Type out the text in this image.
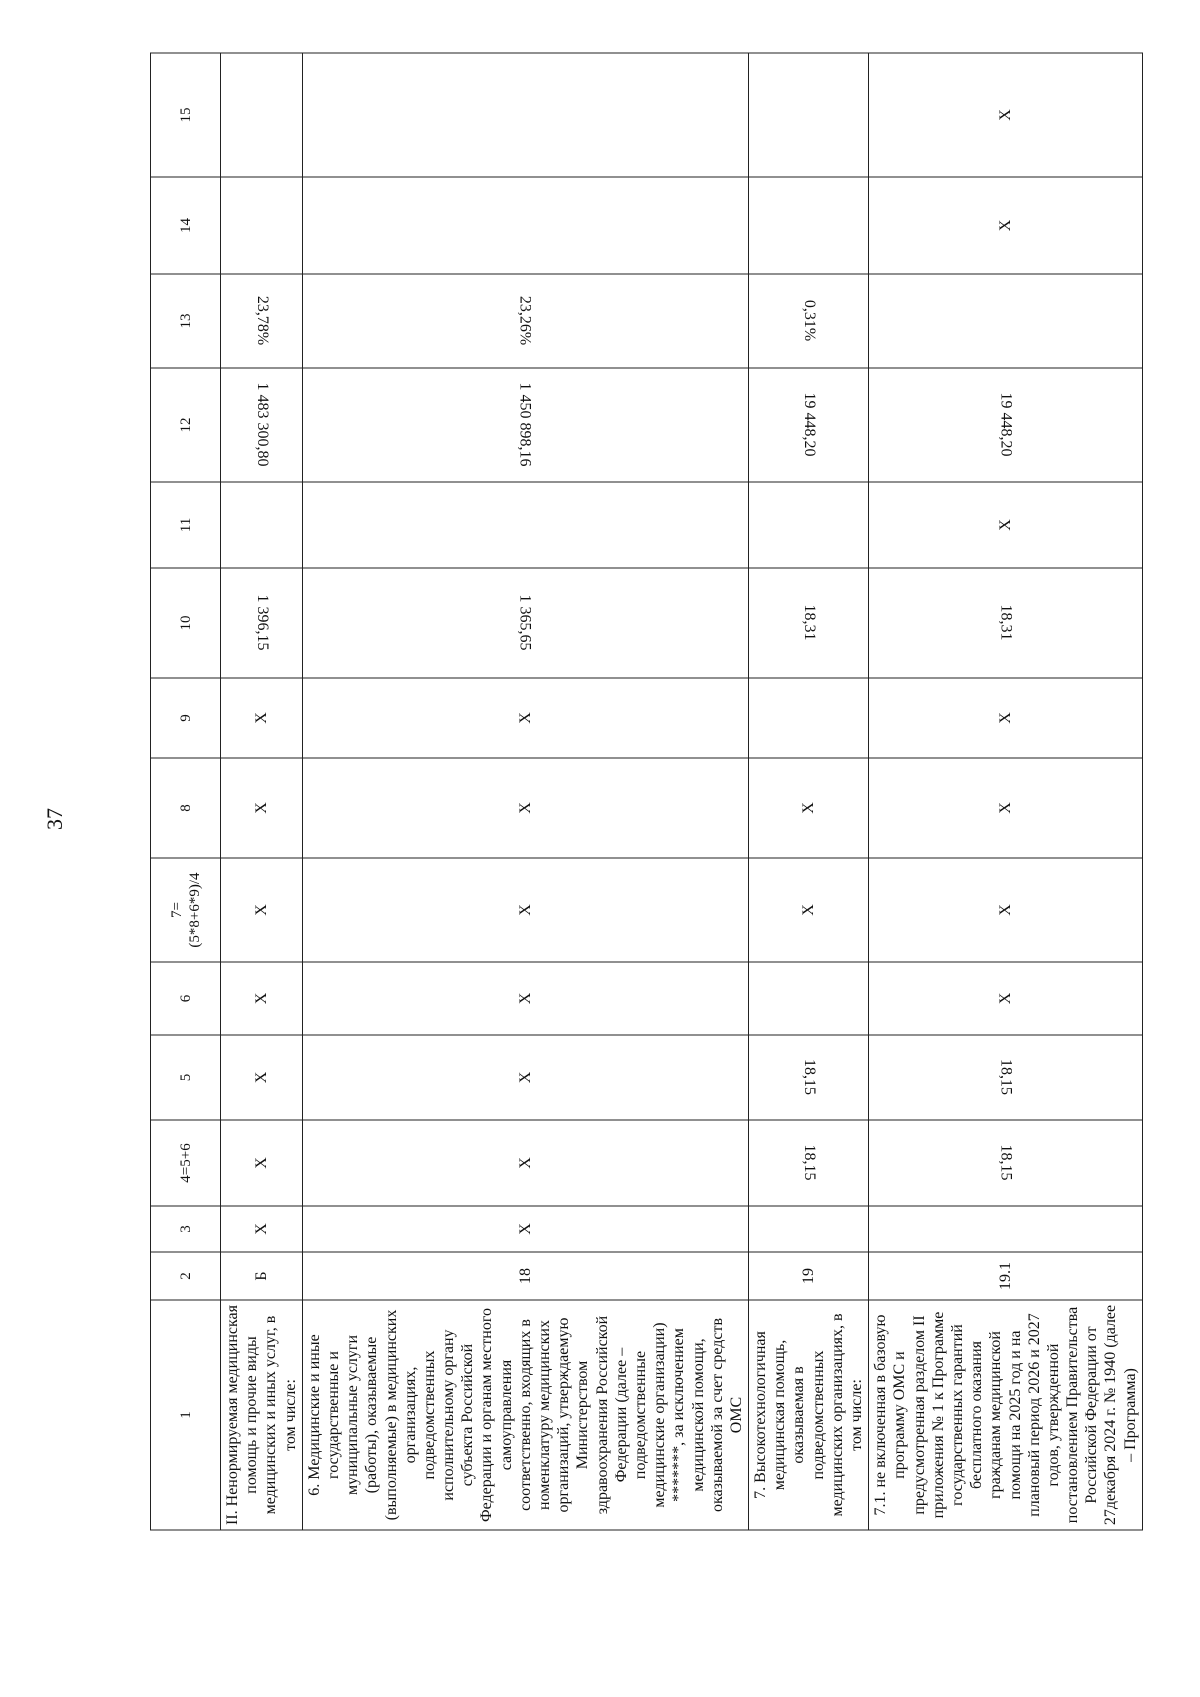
37
1	2	3	4=5+6	5	6	7=
(5*8+6*9)/4	8	9	10	11	12	13	14	15
II. Ненормируемая медицинская помощь и прочие виды медицинских и иных услуг, в том числе:	Б	Х	Х	Х	Х	Х	Х	Х	1 396,15		1 483 300,80	23,78%		
6. Медицинские и иные государственные и муниципальные услуги (работы), оказываемые (выполняемые) в медицинских организациях, подведомственных исполнительному органу субъекта Российской Федерации и органам местного самоуправления соответственно, входящих в номенклатуру медицинских организаций, утверждаемую Министерством здравоохранения Российской Федерации (далее – подведомственные медицинские организации) *******, за исключением медицинской помощи, оказываемой за счет средств ОМС	18	Х	Х	Х	Х	Х	Х	Х	1 365,65		1 450 898,16	23,26%		
7. Высокотехнологичная медицинская помощь, оказываемая в подведомственных медицинских организациях, в том числе:	19		18,15	18,15		Х	Х		18,31		19 448,20	0,31%		
7.1. не включенная в базовую программу ОМС и предусмотренная разделом II приложения № 1 к Программе государственных гарантий бесплатного оказания гражданам медицинской помощи на 2025 год и на плановый период 2026 и 2027 годов, утвержденной постановлением Правительства Российской Федерации от 27декабря 2024 г. № 1940 (далее – Программа)	19.1		18,15	18,15	Х	Х	Х	Х	18,31	Х	19 448,20		Х	Х
